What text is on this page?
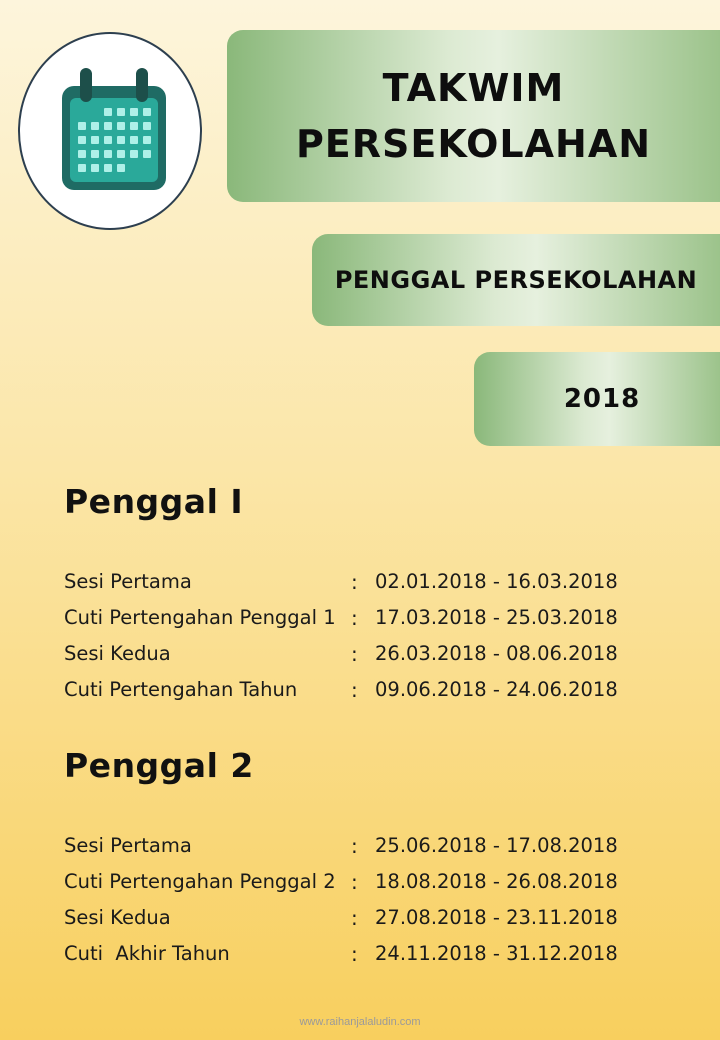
TAKWIM
PERSEKOLAHAN
PENGGAL PERSEKOLAHAN
2018
Penggal I
Sesi Pertama	: 02.01.2018 - 16.03.2018
Cuti Pertengahan Penggal 1 : 17.03.2018 - 25.03.2018
Sesi Kedua	: 26.03.2018 - 08.06.2018
Cuti Pertengahan Tahun	: 09.06.2018 - 24.06.2018
Penggal 2
Sesi Pertama	: 25.06.2018 - 17.08.2018
Cuti Pertengahan Penggal 2 : 18.08.2018 - 26.08.2018
Sesi Kedua	: 27.08.2018 - 23.11.2018
Cuti  Akhir Tahun	: 24.11.2018 - 31.12.2018
www.raihanjalaludin.com
